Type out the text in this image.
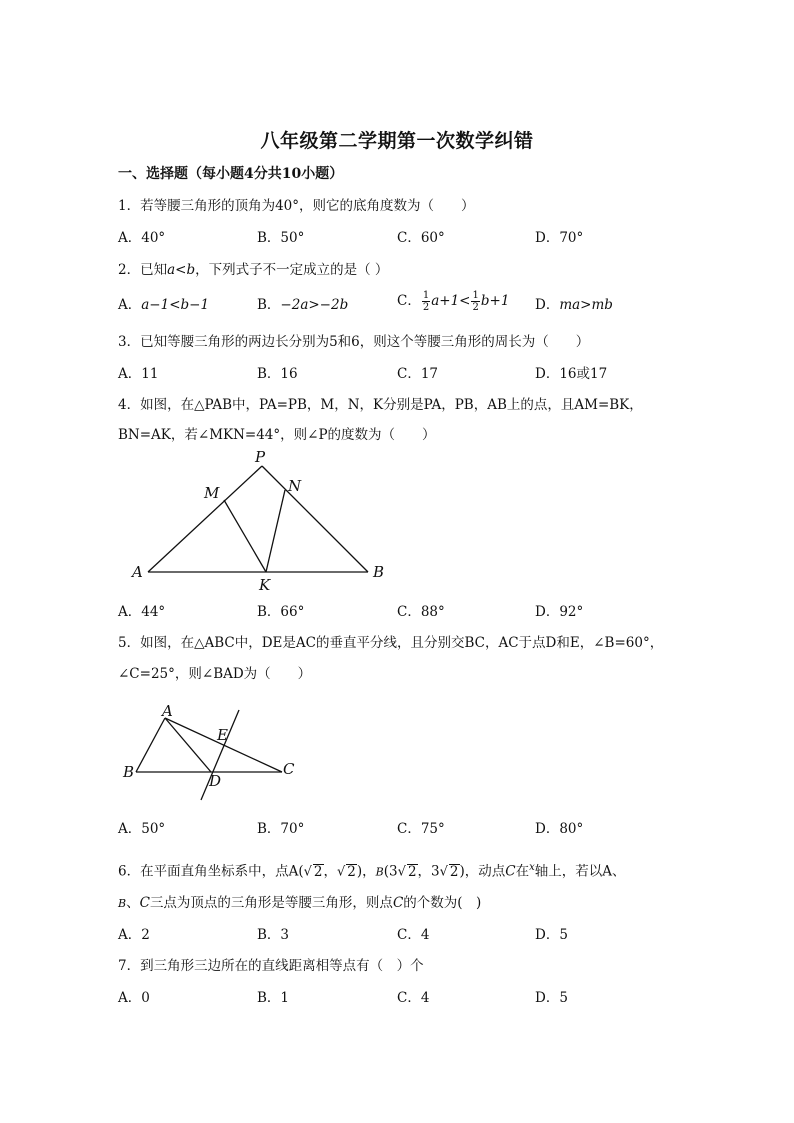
八年级第二学期第一次数学纠错
一、选择题（每小题4分共10小题）
1．若等腰三角形的顶角为40°，则它的底角度数为（　　）
A．40°	B．50°	C．60°	D．70°
2．已知a<b，下列式子不一定成立的是（ ）
A．a−1<b−1	B．−2a>−2b	C． $\frac{1}{2} a+1< \frac{1}{2} b+1$ D．ma>mb
3．已知等腰三角形的两边长分别为5和6，则这个等腰三角形的周长为（　　）
A．11	B．16	C．17	D．16或17
4．如图，在△PAB中，PA=PB，M，N，K分别是PA，PB，AB上的点，且AM=BK，
BN=AK，若∠MKN=44°，则∠P的度数为（　　）
P
M	N
A
K
B
A．44°	B．66°	C．88°	D．92°
5．如图，在△ABC中，DE是AC的垂直平分线，且分别交BC，AC于点D和E，∠B=60°，
∠C=25°，则∠BAD为（　　）
A
E
B	D
C
A．50°	B．70°	C．75°	D．80°
6．在平面直角坐标系中，点A(√ 2，√ 2)，B(3√ 2，3√ 2)，动点C在$^x$轴上，若以A、
B、C三点为顶点的三角形是等腰三角形，则点C的个数为(　)
A．2	B．3	C．4	D．5
7．到三角形三边所在的直线距离相等点有（　）个
A．0	B．1	C．4	D．5
